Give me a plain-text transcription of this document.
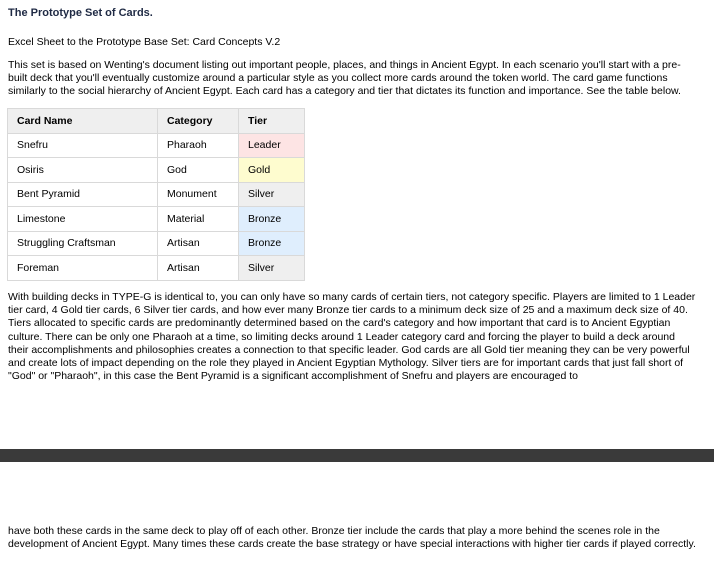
The Prototype Set of Cards.
Excel Sheet to the Prototype Base Set: Card Concepts V.2
This set is based on Wenting's document listing out important people, places, and things in Ancient Egypt. In each scenario you'll start with a pre-built deck that you'll eventually customize around a particular style as you collect more cards around the token world. The card game functions similarly to the social hierarchy of Ancient Egypt. Each card has a category and tier that dictates its function and importance. See the table below.
Card Name	Category	Tier
Snefru	Pharaoh	Leader
Osiris	God	Gold
Bent Pyramid	Monument	Silver
Limestone	Material	Bronze
Struggling Craftsman	Artisan	Bronze
Foreman	Artisan	Silver
With building decks in TYPE-G is identical to, you can only have so many cards of certain tiers, not category specific. Players are limited to 1 Leader tier card, 4 Gold tier cards, 6 Silver tier cards, and how ever many Bronze tier cards to a minimum deck size of 25 and a maximum deck size of 40. Tiers allocated to specific cards are predominantly determined based on the card's category and how important that card is to Ancient Egyptian culture. There can be only one Pharaoh at a time, so limiting decks around 1 Leader category card and forcing the player to build a deck around their accomplishments and philosophies creates a connection to that specific leader. God cards are all Gold tier meaning they can be very powerful and create lots of impact depending on the role they played in Ancient Egyptian Mythology. Silver tiers are for important cards that just fall short of "God" or "Pharaoh", in this case the Bent Pyramid is a significant accomplishment of Snefru and players are encouraged to
have both these cards in the same deck to play off of each other. Bronze tier include the cards that play a more behind the scenes role in the development of Ancient Egypt. Many times these cards create the base strategy or have special interactions with higher tier cards if played correctly.
